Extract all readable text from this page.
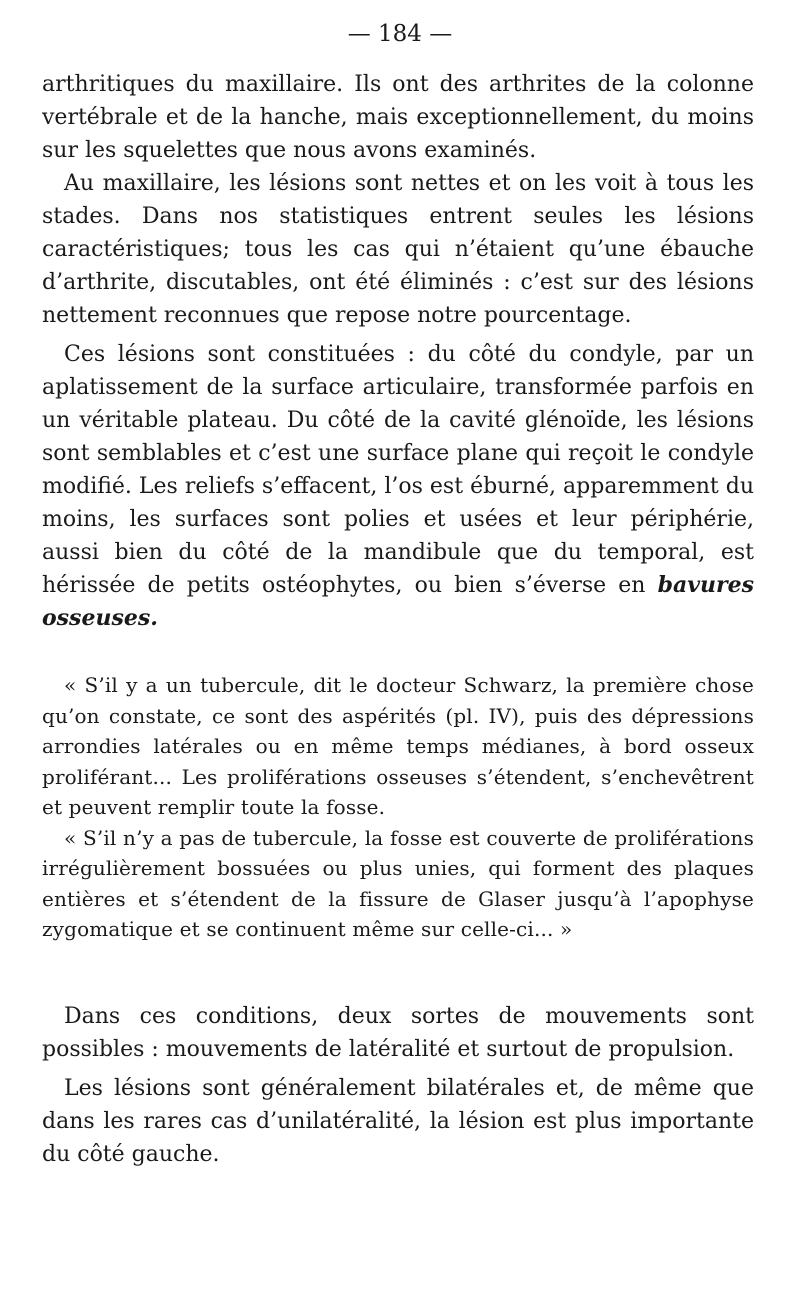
— 184 —

arthritiques du maxillaire. Ils ont des arthrites de la colonne vertébrale et de la hanche, mais exceptionnellement, du moins sur les squelettes que nous avons examinés.

Au maxillaire, les lésions sont nettes et on les voit à tous les stades. Dans nos statistiques entrent seules les lésions caractéristiques; tous les cas qui n’étaient qu’une ébauche d’arthrite, discutables, ont été éliminés : c’est sur des lésions nettement reconnues que repose notre pourcentage.

Ces lésions sont constituées : du côté du condyle, par un aplatissement de la surface articulaire, transformée parfois en un véritable plateau. Du côté de la cavité glénoïde, les lésions sont semblables et c’est une surface plane qui reçoit le condyle modifié. Les reliefs s’effacent, l’os est éburné, apparemment du moins, les surfaces sont polies et usées et leur périphérie, aussi bien du côté de la mandibule que du temporal, est hérissée de petits ostéophytes, ou bien s’éverse en bavures osseuses.

« S’il y a un tubercule, dit le docteur Schwarz, la première chose qu’on constate, ce sont des aspérités (pl. IV), puis des dépressions arrondies latérales ou en même temps médianes, à bord osseux proliférant... Les proliférations osseuses s’étendent, s’enchevêtrent et peuvent remplir toute la fosse.

« S’il n’y a pas de tubercule, la fosse est couverte de proliférations irrégulièrement bossuées ou plus unies, qui forment des plaques entières et s’étendent de la fissure de Glaser jusqu’à l’apophyse zygomatique et se continuent même sur celle-ci... »

Dans ces conditions, deux sortes de mouvements sont possibles : mouvements de latéralité et surtout de propulsion.

Les lésions sont généralement bilatérales et, de même que dans les rares cas d’unilatéralité, la lésion est plus importante du côté gauche.
